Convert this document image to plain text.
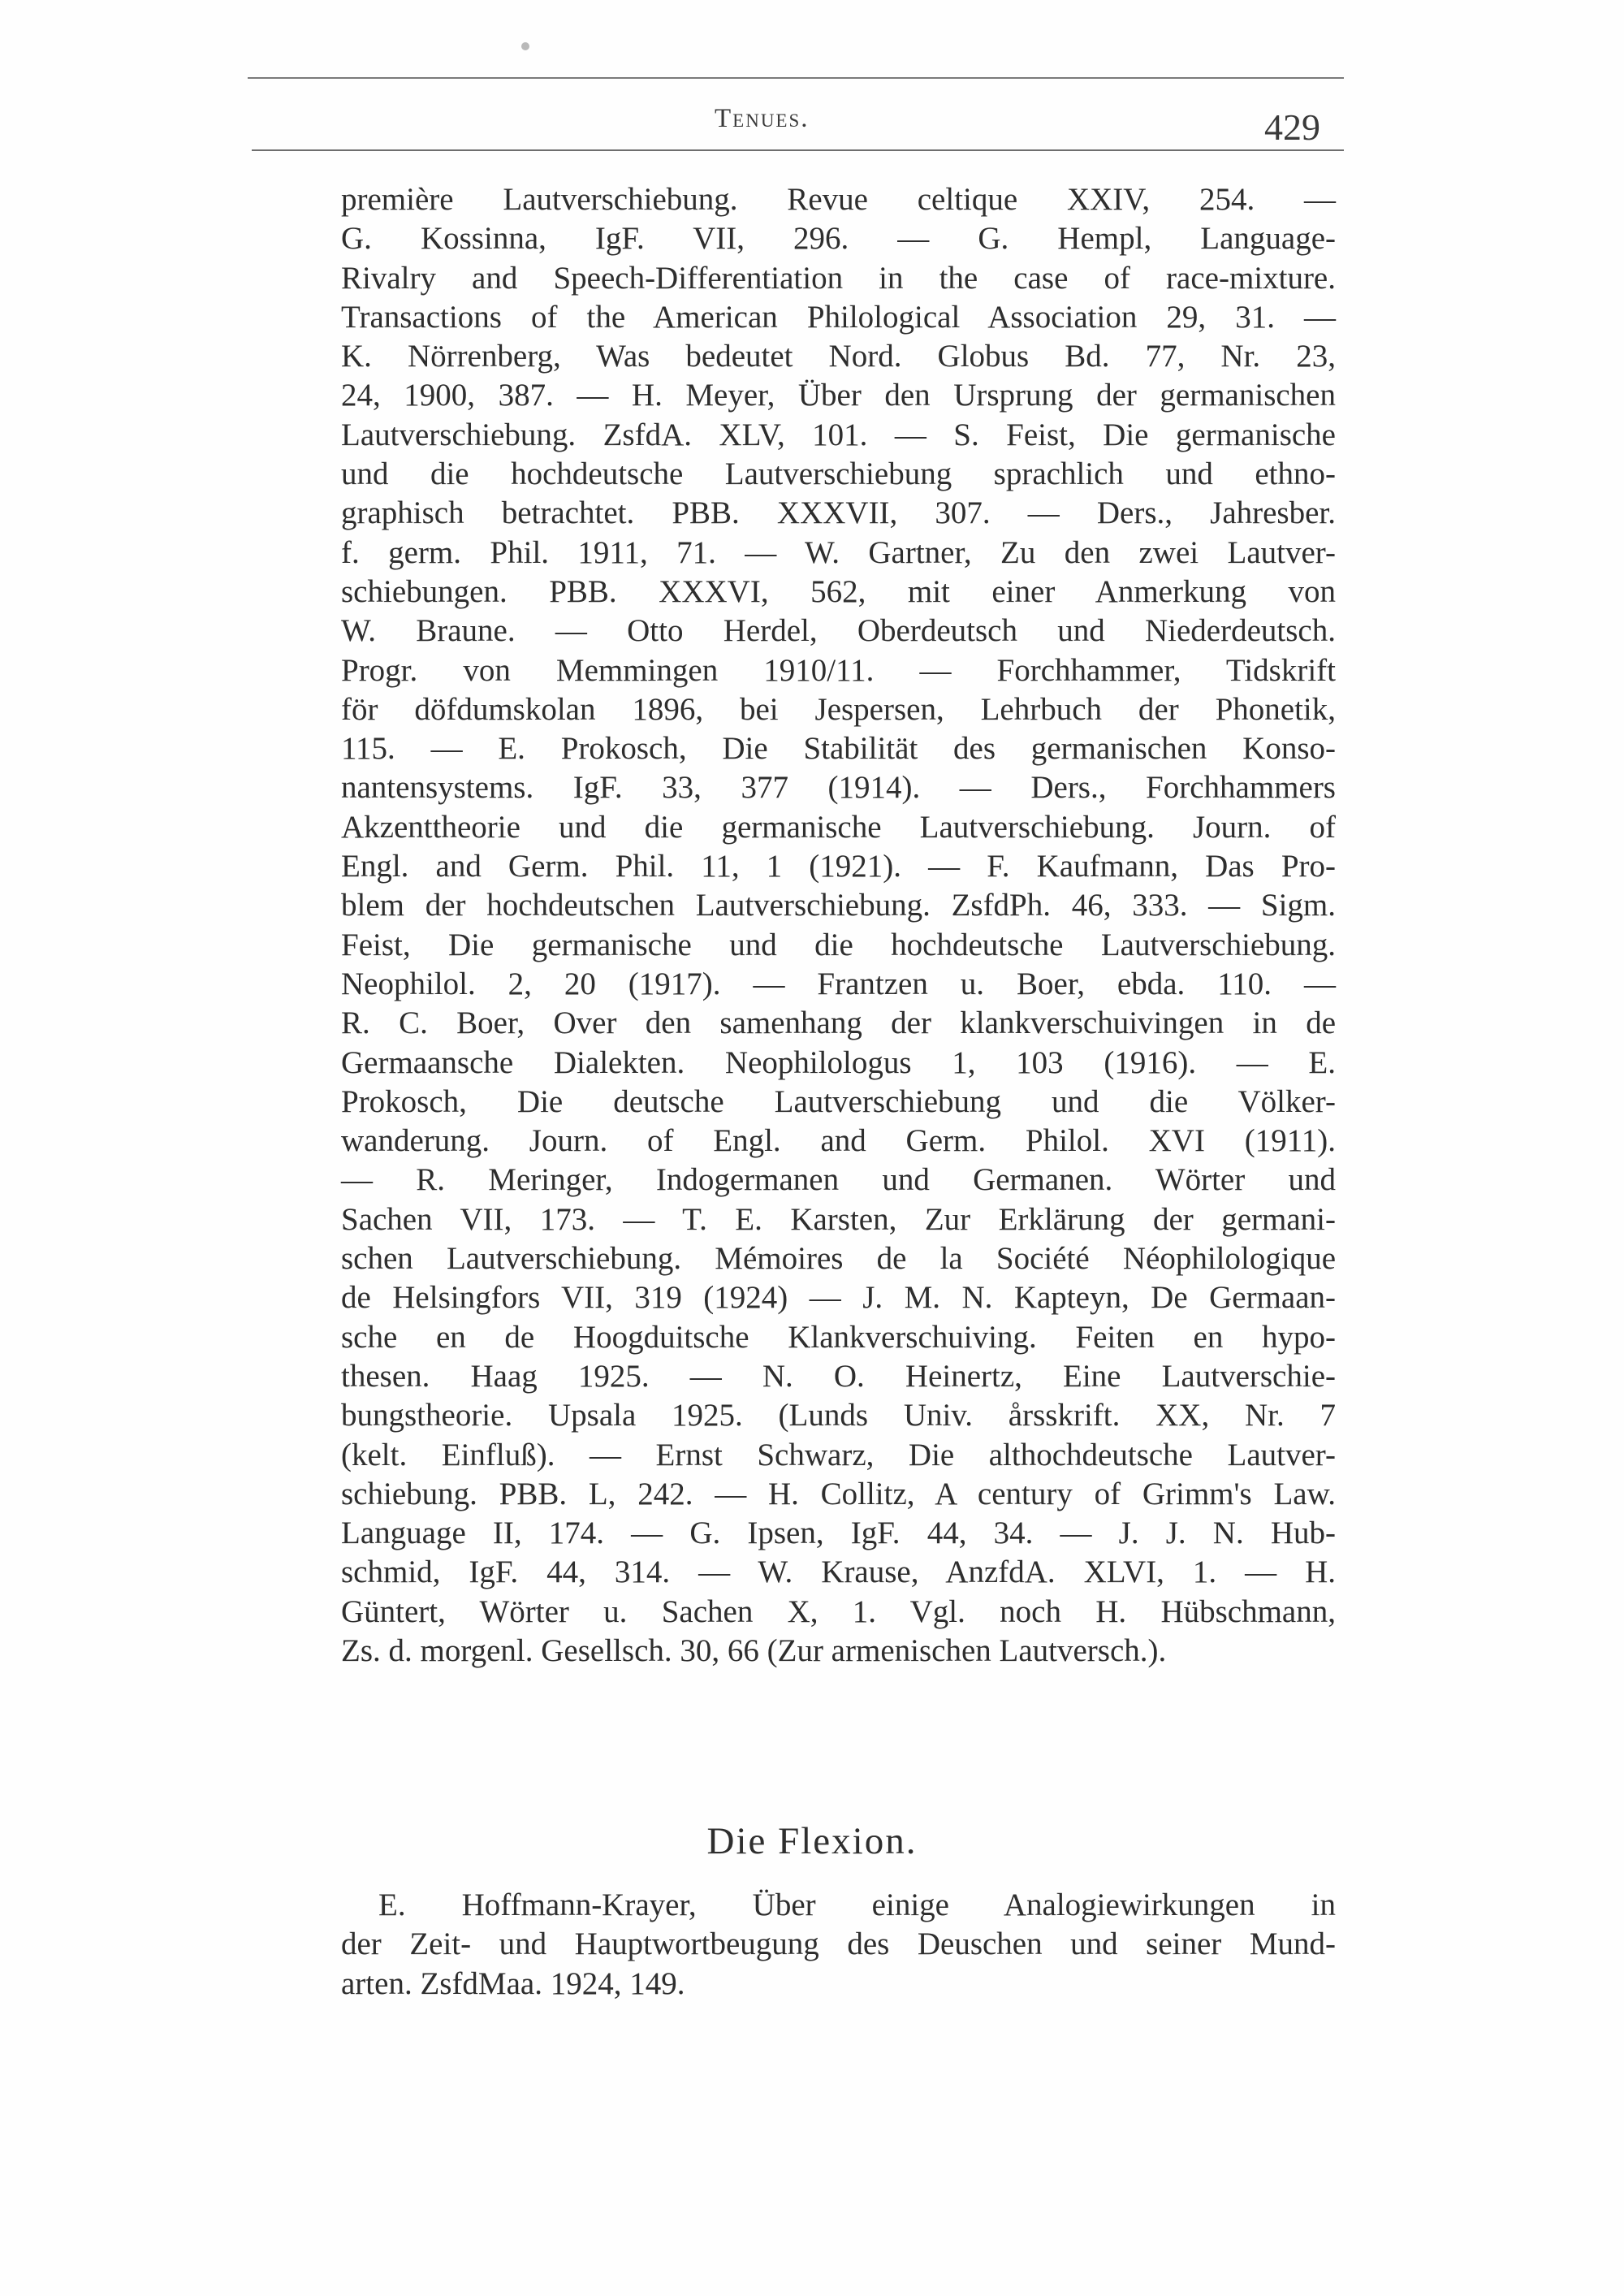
Tenues.	429
première Lautverschiebung. Revue celtique XXIV, 254. —
G. Kossinna, IgF. VII, 296. — G. Hempl, Language-
Rivalry and Speech-Differentiation in the case of race-mixture.
Transactions of the American Philological Association 29, 31. —
K. Nörrenberg, Was bedeutet Nord. Globus Bd. 77, Nr. 23,
24, 1900, 387. — H. Meyer, Über den Ursprung der germanischen
Lautverschiebung. ZsfdA. XLV, 101. — S. Feist, Die germanische
und die hochdeutsche Lautverschiebung sprachlich und ethno-
graphisch betrachtet. PBB. XXXVII, 307. — Ders., Jahresber.
f. germ. Phil. 1911, 71. — W. Gartner, Zu den zwei Lautver-
schiebungen. PBB. XXXVI, 562, mit einer Anmerkung von
W. Braune. — Otto Herdel, Oberdeutsch und Niederdeutsch.
Progr. von Memmingen 1910/11. — Forchhammer, Tidskrift
för döfdumskolan 1896, bei Jespersen, Lehrbuch der Phonetik,
115. — E. Prokosch, Die Stabilität des germanischen Konso-
nantensystems. IgF. 33, 377 (1914). — Ders., Forchhammers
Akzenttheorie und die germanische Lautverschiebung. Journ. of
Engl. and Germ. Phil. 11, 1 (1921). — F. Kaufmann, Das Pro-
blem der hochdeutschen Lautverschiebung. ZsfdPh. 46, 333. — Sigm.
Feist, Die germanische und die hochdeutsche Lautverschiebung.
Neophilol. 2, 20 (1917). — Frantzen u. Boer, ebda. 110. —
R. C. Boer, Over den samenhang der klankverschuivingen in de
Germaansche Dialekten. Neophilologus 1, 103 (1916). — E.
Prokosch, Die deutsche Lautverschiebung und die Völker-
wanderung. Journ. of Engl. and Germ. Philol. XVI (1911).
— R. Meringer, Indogermanen und Germanen. Wörter und
Sachen VII, 173. — T. E. Karsten, Zur Erklärung der germani-
schen Lautverschiebung. Mémoires de la Société Néophilologique
de Helsingfors VII, 319 (1924) — J. M. N. Kapteyn, De Germaan-
sche en de Hoogduitsche Klankverschuiving. Feiten en hypo-
thesen. Haag 1925. — N. O. Heinertz, Eine Lautverschie-
bungstheorie. Upsala 1925. (Lunds Univ. årsskrift. XX, Nr. 7
(kelt. Einfluß). — Ernst Schwarz, Die althochdeutsche Lautver-
schiebung. PBB. L, 242. — H. Collitz, A century of Grimm's Law.
Language II, 174. — G. Ipsen, IgF. 44, 34. — J. J. N. Hub-
schmid, IgF. 44, 314. — W. Krause, AnzfdA. XLVI, 1. — H.
Güntert, Wörter u. Sachen X, 1. Vgl. noch H. Hübschmann,
Zs. d. morgenl. Gesellsch. 30, 66 (Zur armenischen Lautversch.).
Die Flexion.
E. Hoffmann-Krayer, Über einige Analogiewirkungen in
der Zeit- und Hauptwortbeugung des Deuschen und seiner Mund-
arten. ZsfdMaa. 1924, 149.
